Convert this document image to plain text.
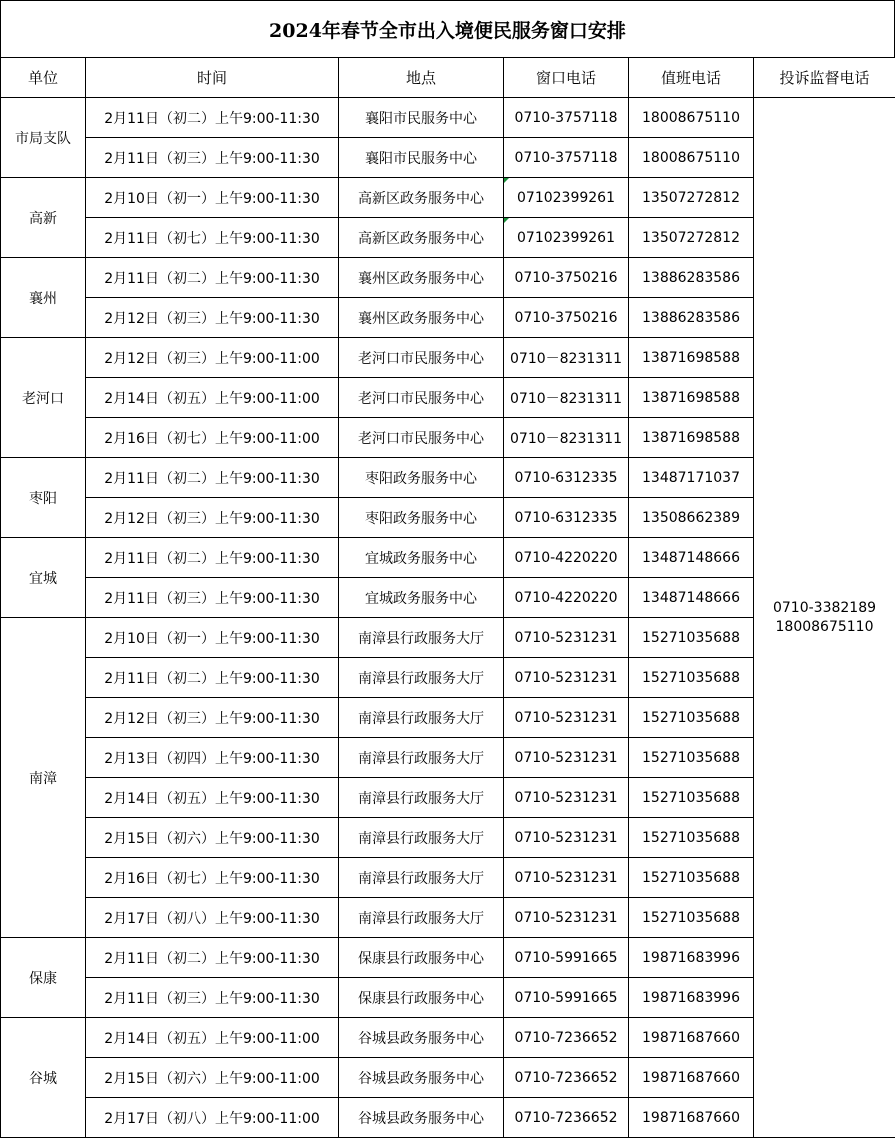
2024年春节全市出入境便民服务窗口安排
单位	时间	地点	窗口电话	值班电话	投诉监督电话
市局支队	2月11日（初二）上午9:00-11:30	襄阳市民服务中心	0710-3757118	18008675110	0710-3382189
18008675110

	2月11日（初三）上午9:00-11:30	襄阳市民服务中心	0710-3757118	18008675110	
高新	2月10日（初一）上午9:00-11:30	高新区政务服务中心	07102399261	13507272812	
	2月11日（初七）上午9:00-11:30	高新区政务服务中心	07102399261	13507272812	
襄州	2月11日（初二）上午9:00-11:30	襄州区政务服务中心	0710-3750216	13886283586	
	2月12日（初三）上午9:00-11:30	襄州区政务服务中心	0710-3750216	13886283586	
老河口	2月12日（初三）上午9:00-11:00	老河口市民服务中心	0710－8231311	13871698588	
	2月14日（初五）上午9:00-11:00	老河口市民服务中心	0710－8231311	13871698588	
	2月16日（初七）上午9:00-11:00	老河口市民服务中心	0710－8231311	13871698588	
枣阳	2月11日（初二）上午9:00-11:30	枣阳政务服务中心	0710-6312335	13487171037	
	2月12日（初三）上午9:00-11:30	枣阳政务服务中心	0710-6312335	13508662389	
宜城	2月11日（初二）上午9:00-11:30	宜城政务服务中心	0710-4220220	13487148666	
	2月11日（初三）上午9:00-11:30	宜城政务服务中心	0710-4220220	13487148666	
南漳	2月10日（初一）上午9:00-11:30	南漳县行政服务大厅	0710-5231231	15271035688	
	2月11日（初二）上午9:00-11:30	南漳县行政服务大厅	0710-5231231	15271035688	
	2月12日（初三）上午9:00-11:30	南漳县行政服务大厅	0710-5231231	15271035688	
	2月13日（初四）上午9:00-11:30	南漳县行政服务大厅	0710-5231231	15271035688	
	2月14日（初五）上午9:00-11:30	南漳县行政服务大厅	0710-5231231	15271035688	
	2月15日（初六）上午9:00-11:30	南漳县行政服务大厅	0710-5231231	15271035688	
	2月16日（初七）上午9:00-11:30	南漳县行政服务大厅	0710-5231231	15271035688	
	2月17日（初八）上午9:00-11:30	南漳县行政服务大厅	0710-5231231	15271035688	
保康	2月11日（初二）上午9:00-11:30	保康县行政服务中心	0710-5991665	19871683996	
	2月11日（初三）上午9:00-11:30	保康县行政服务中心	0710-5991665	19871683996	
谷城	2月14日（初五）上午9:00-11:00	谷城县政务服务中心	0710-7236652	19871687660	
	2月15日（初六）上午9:00-11:00	谷城县政务服务中心	0710-7236652	19871687660	
	2月17日（初八）上午9:00-11:00	谷城县政务服务中心	0710-7236652	19871687660	
